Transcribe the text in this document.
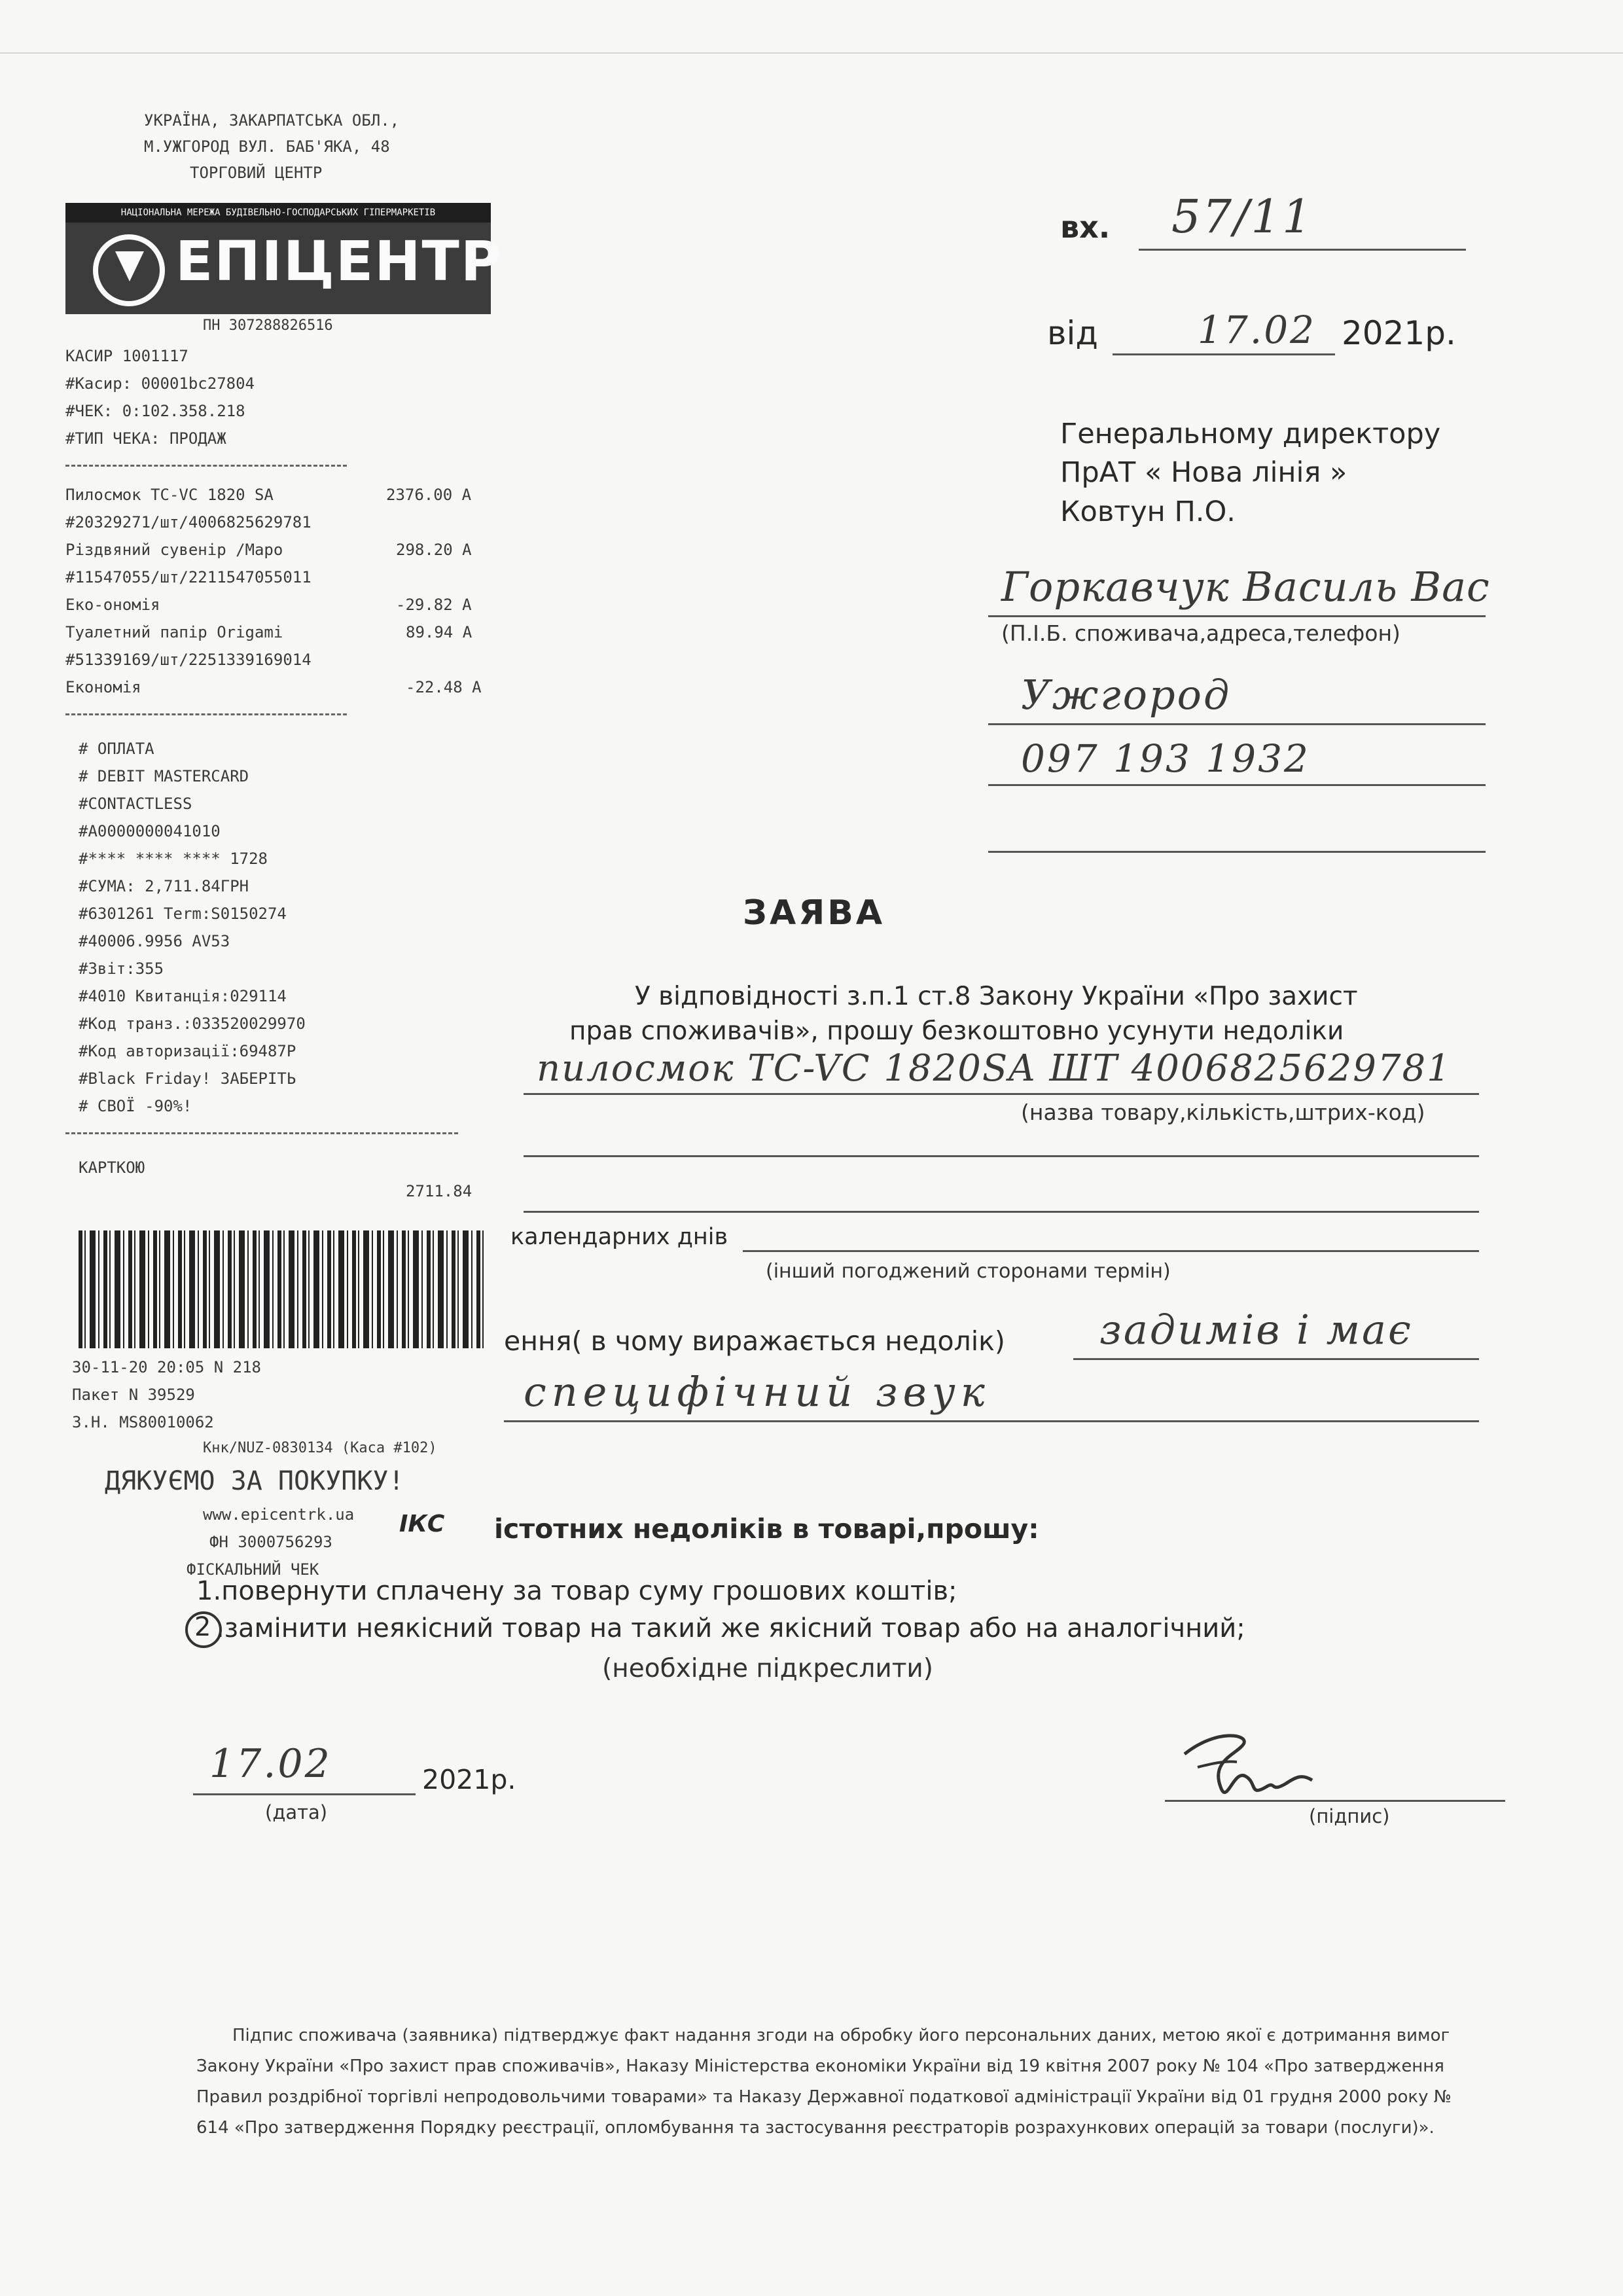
УКРАЇНА, ЗАКАРПАТСЬКА ОБЛ.,
М.УЖГОРОД ВУЛ. БАБ'ЯКА, 48
ТОРГОВИЙ ЦЕНТР
НАЦІОНАЛЬНА МЕРЕЖА БУДІВЕЛЬНО-ГОСПОДАРСЬКИХ ГІПЕРМАРКЕТІВ
ЕПІЦЕНТР
ПН 307288826516
КАСИР 1001117
#Касир: 00001bc27804
#ЧЕК: 0:102.358.218
#ТИП ЧЕКА: ПРОДАЖ
Пилосмок TC-VC 1820 SA	2376.00 А
#20329271/шт/4006825629781
Різдвяний сувенір /Маро	298.20 А
#11547055/шт/2211547055011
Еко-ономія	-29.82 А
Туалетний папір Origami	89.94 А
#51339169/шт/2251339169014
Економія	-22.48 А
# ОПЛАТА
# DEBIT MASTERCARD
#CONTACTLESS
#A0000000041010
#**** **** **** 1728
#СУМА: 2,711.84ГРН
#6301261 Term:S0150274
#40006.9956 AV53
#Звіт:355
#4010 Квитанція:029114
#Код транз.:033520029970
#Код авторизації:69487P
#Black Friday! ЗАБЕРІТЬ
# СВОЇ -90%!
КАРТКОЮ
2711.84
30-11-20 20:05 N 218
Пакет N 39529
З.Н. MS80010062
Кнк/NUZ-0830134 (Каса #102)
ДЯКУЄМО ЗА ПОКУПКУ!
www.epicentrk.ua
ФН 3000756293
ФІСКАЛЬНИЙ ЧЕК
ІКС
вх. 57/11
від	17.02 2021р.
Генеральному директору
ПрАТ « Нова лінія »
Ковтун П.О.
Горкавчук Василь Вас
(П.І.Б. споживача,адреса,телефон)
Ужгород
097 193 1932
ЗАЯВА
У відповідності з.п.1 ст.8 Закону України «Про захист
прав споживачів», прошу безкоштовно усунути недоліки
пилосмок TC-VC 1820SA ШТ 4006825629781
(назва товару,кількість,штрих-код)
календарних днів
(інший погоджений сторонами термін)
ення( в чому виражається недолік) задимів і має
специфічний звук
істотних недоліків в товарі,прошу:
1.повернути сплачену за товар суму грошових коштів;
2 .замінити неякісний товар на такий же якісний товар або на аналогічний;
(необхідне підкреслити)
17.02	2021р.
(дата)	(підпис)
Підпис споживача (заявника) підтверджує факт надання згоди на обробку його персональних даних, метою якої є дотримання вимог
Закону України «Про захист прав споживачів», Наказу Міністерства економіки України від 19 квітня 2007 року № 104 «Про затвердження
Правил роздрібної торгівлі непродовольчими товарами» та Наказу Державної податкової адміністрації України від 01 грудня 2000 року №
614 «Про затвердження Порядку реєстрації, опломбування та застосування реєстраторів розрахункових операцій за товари (послуги)».
